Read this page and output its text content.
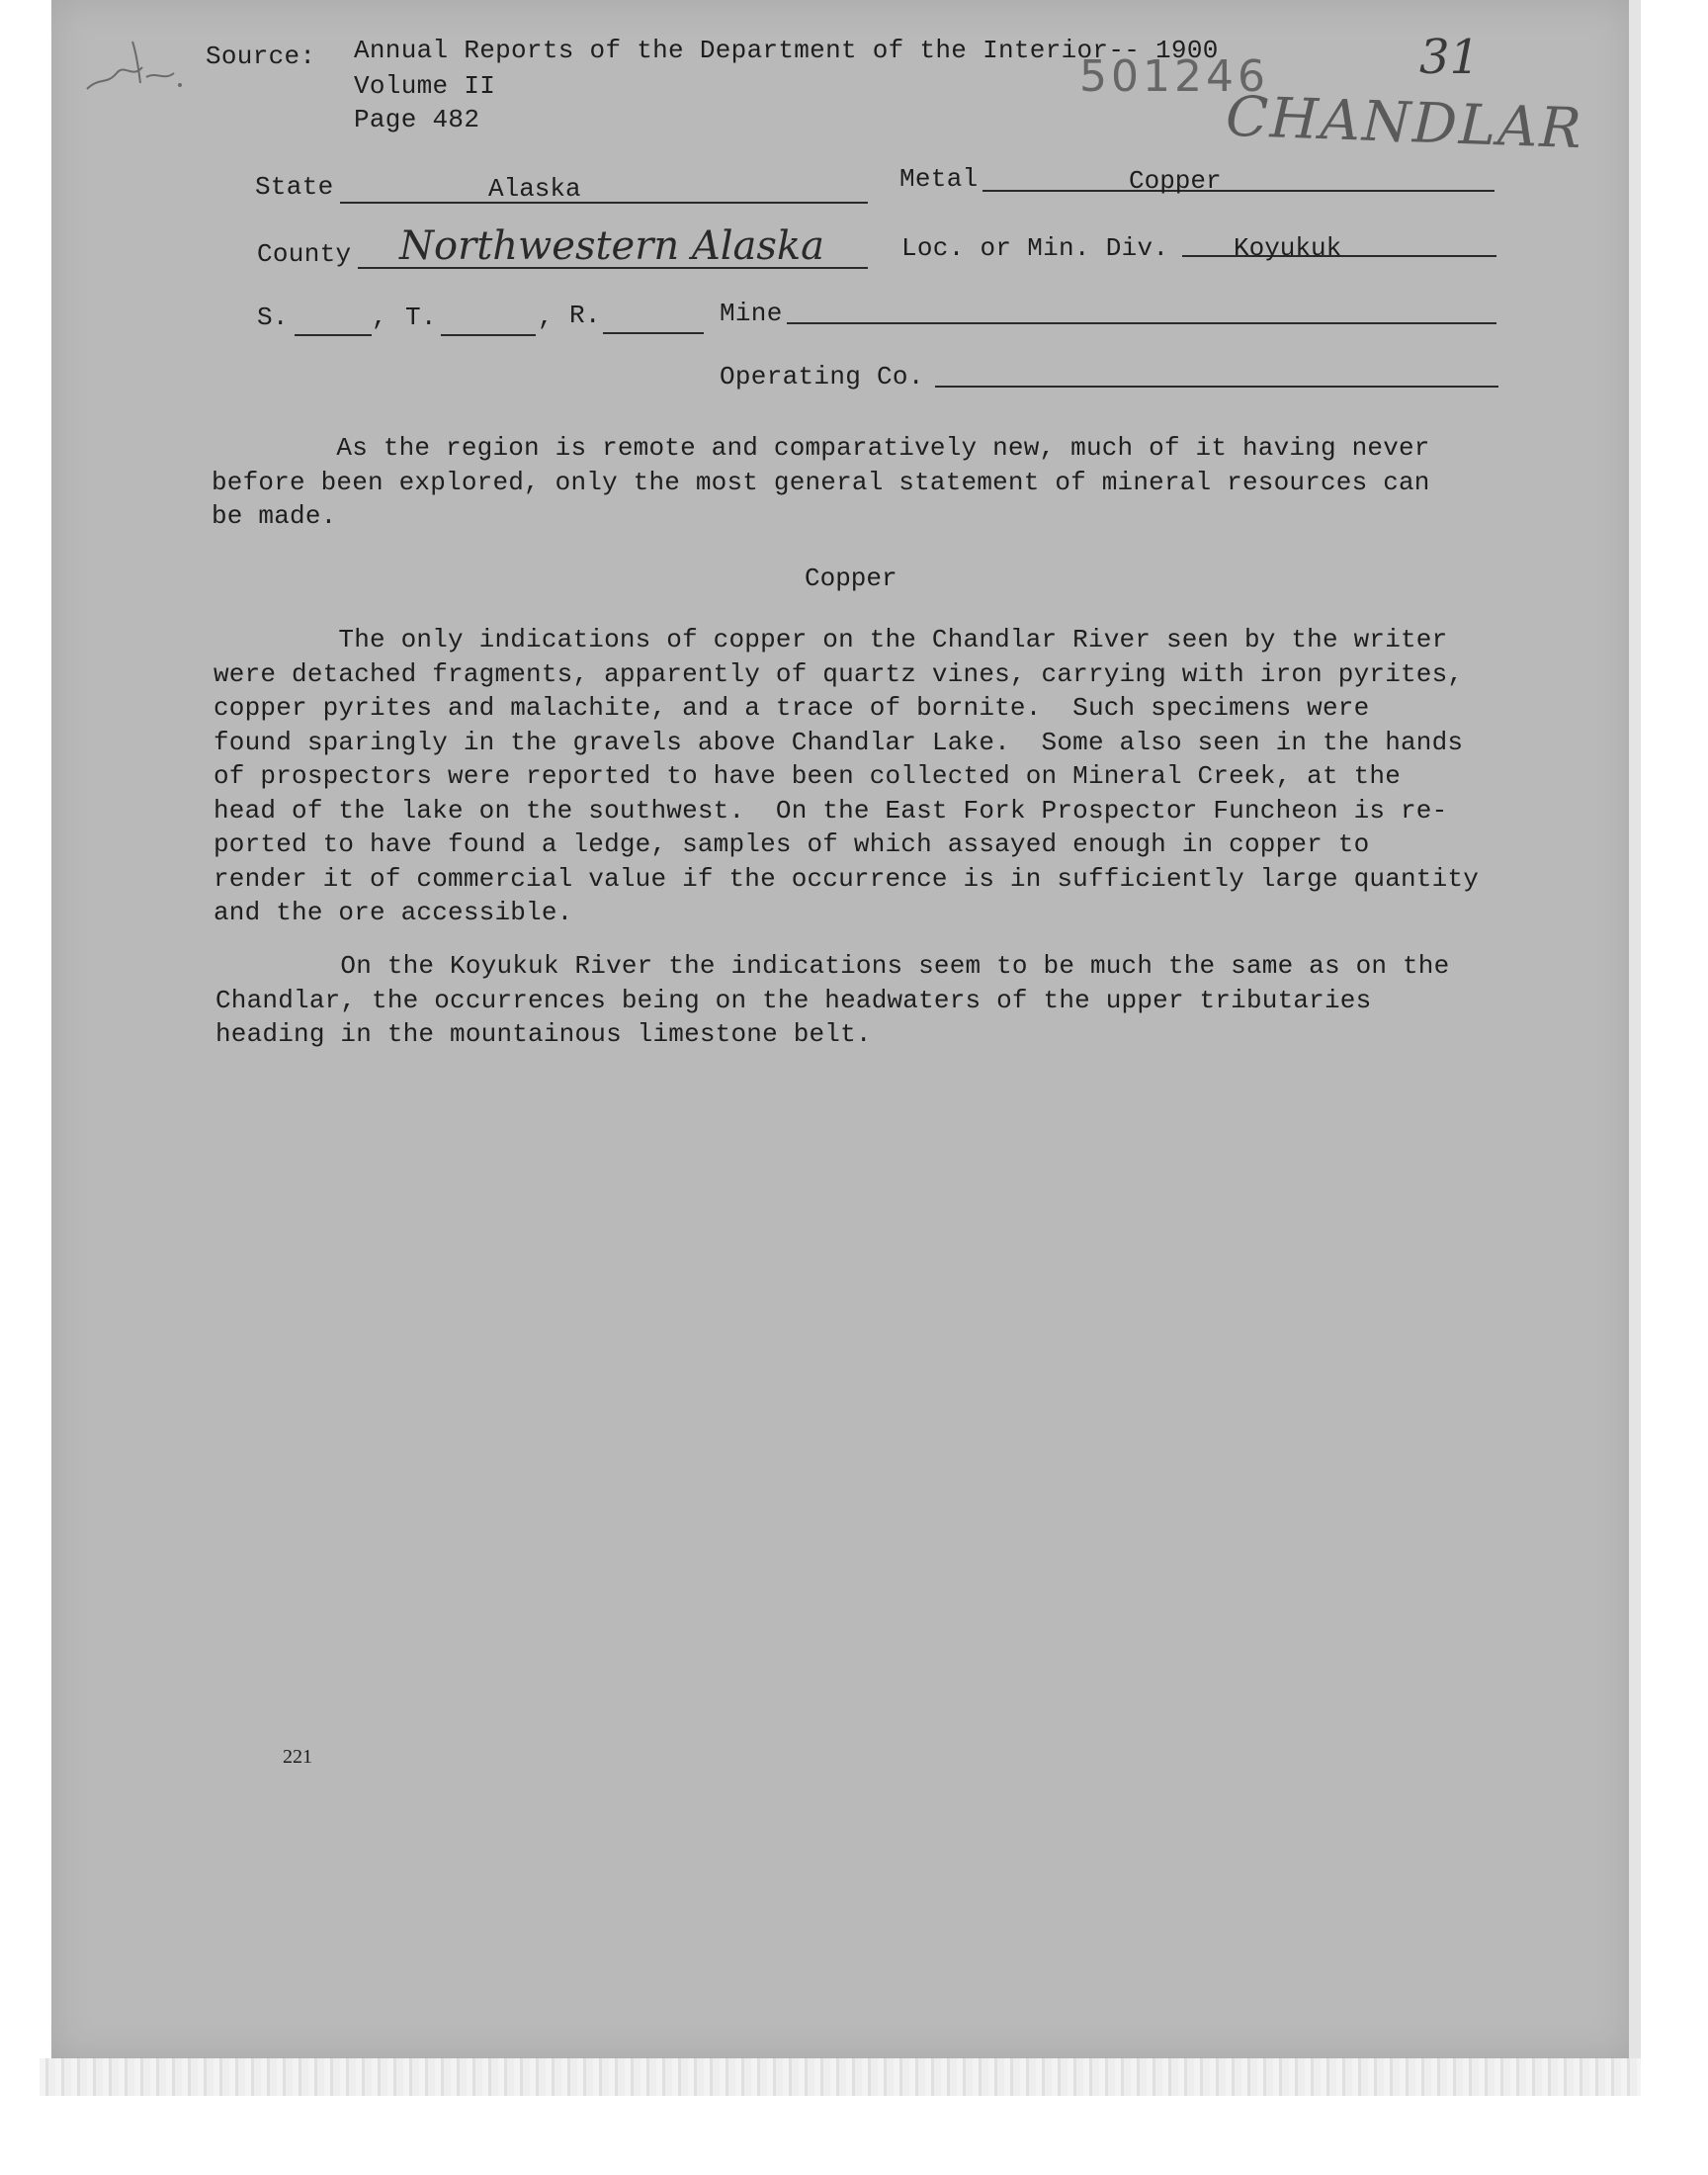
Source: Annual Reports of the Department of the Interior-- 1900
Volume II
Page 482
501246	31
CHANDLAR
State	Alaska	Metal	Copper
County Northwestern Alaska	Loc. or Min. Div.	Koyukuk
S.	, T.	, R.	Mine
Operating Co.
As the region is remote and comparatively new, much of it having never
before been explored, only the most general statement of mineral resources can
be made.
Copper
The only indications of copper on the Chandlar River seen by the writer
were detached fragments, apparently of quartz vines, carrying with iron pyrites,
copper pyrites and malachite, and a trace of bornite.  Such specimens were
found sparingly in the gravels above Chandlar Lake.  Some also seen in the hands
of prospectors were reported to have been collected on Mineral Creek, at the
head of the lake on the southwest.  On the East Fork Prospector Funcheon is re-
ported to have found a ledge, samples of which assayed enough in copper to
render it of commercial value if the occurrence is in sufficiently large quantity
and the ore accessible.
On the Koyukuk River the indications seem to be much the same as on the
Chandlar, the occurrences being on the headwaters of the upper tributaries
heading in the mountainous limestone belt.
221
